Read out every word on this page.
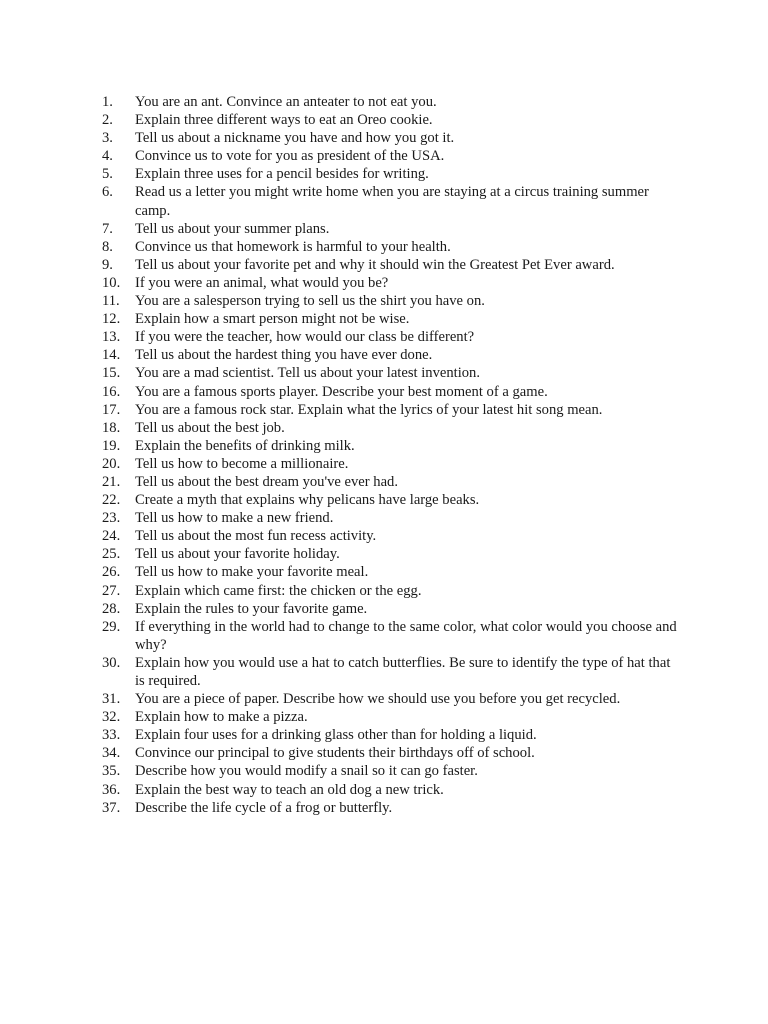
1.	You are an ant. Convince an anteater to not eat you.
2.	Explain three different ways to eat an Oreo cookie.
3.	Tell us about a nickname you have and how you got it.
4.	Convince us to vote for you as president of the USA.
5.	Explain three uses for a pencil besides for writing.
6.	Read us a letter you might write home when you are staying at a circus training summer camp.
7.	Tell us about your summer plans.
8.	Convince us that homework is harmful to your health.
9.	Tell us about your favorite pet and why it should win the Greatest Pet Ever award.
10.	If you were an animal, what would you be?
11.	You are a salesperson trying to sell us the shirt you have on.
12.	Explain how a smart person might not be wise.
13.	If you were the teacher, how would our class be different?
14.	Tell us about the hardest thing you have ever done.
15.	You are a mad scientist. Tell us about your latest invention.
16.	You are a famous sports player. Describe your best moment of a game.
17.	You are a famous rock star. Explain what the lyrics of your latest hit song mean.
18.	Tell us about the best job.
19.	Explain the benefits of drinking milk.
20.	Tell us how to become a millionaire.
21.	Tell us about the best dream you've ever had.
22.	Create a myth that explains why pelicans have large beaks.
23.	Tell us how to make a new friend.
24.	Tell us about the most fun recess activity.
25.	Tell us about your favorite holiday.
26.	Tell us how to make your favorite meal.
27.	Explain which came first: the chicken or the egg.
28.	Explain the rules to your favorite game.
29.	If everything in the world had to change to the same color, what color would you choose and why?
30.	Explain how you would use a hat to catch butterflies. Be sure to identify the type of hat that is required.
31.	You are a piece of paper. Describe how we should use you before you get recycled.
32.	Explain how to make a pizza.
33.	Explain four uses for a drinking glass other than for holding a liquid.
34.	Convince our principal to give students their birthdays off of school.
35.	Describe how you would modify a snail so it can go faster.
36.	Explain the best way to teach an old dog a new trick.
37.	Describe the life cycle of a frog or butterfly.
